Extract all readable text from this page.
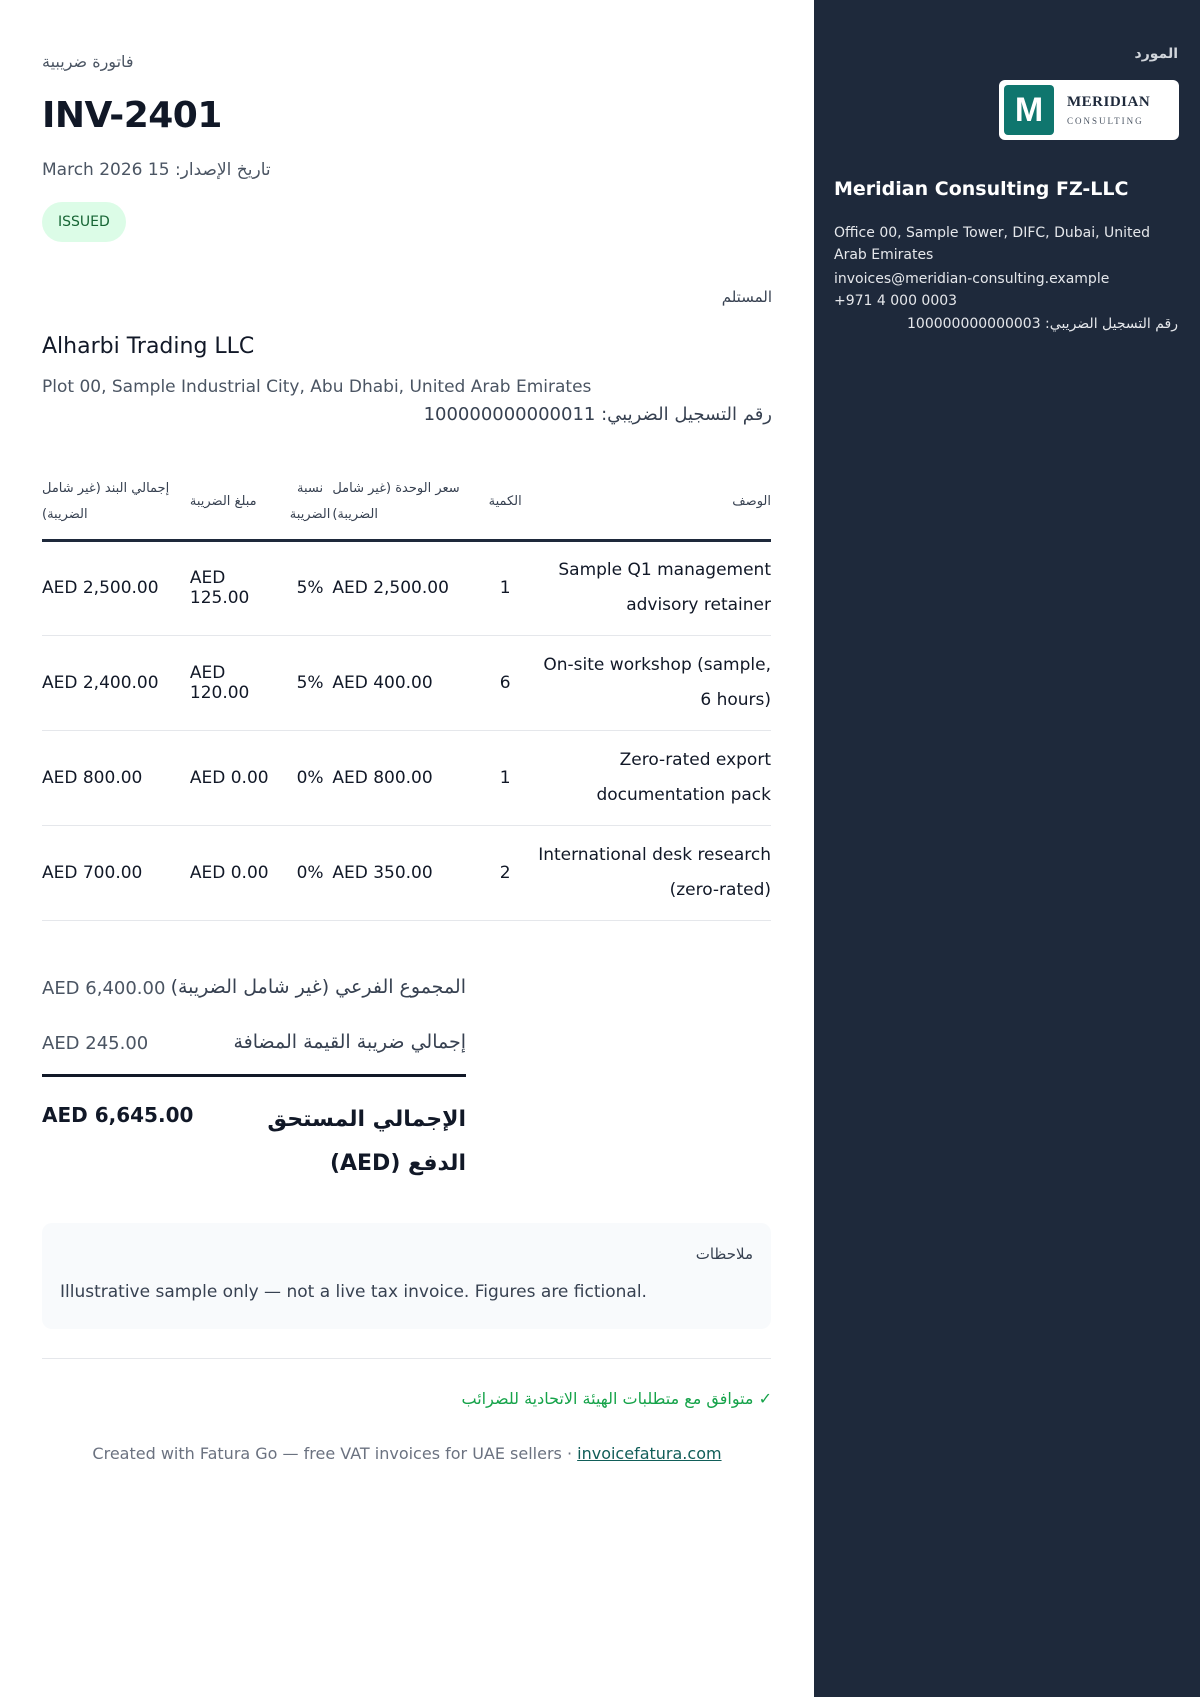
فاتورة ضريبية
INV-2401
تاريخ الإصدار: 15 March 2026
ISSUED
المستلم
Alharbi Trading LLC
Plot 00, Sample Industrial City, Abu Dhabi, United Arab Emirates
رقم التسجيل الضريبي: 100000000000011
إجمالي البند (غير شامل الضريبة)	مبلغ الضريبة	نسبة الضريبة	سعر الوحدة (غير شامل الضريبة)	الكمية	الوصف
AED 2,500.00	AED 125.00	5%	AED 2,500.00	1	Sample Q1 management advisory retainer
AED 2,400.00	AED 120.00	5%	AED 400.00	6	On-site workshop (sample, 6 hours)
AED 800.00	AED 0.00	0%	AED 800.00	1	Zero-rated export documentation pack
AED 700.00	AED 0.00	0%	AED 350.00	2	International desk research (zero-rated)
AED 6,400.00 المجموع الفرعي (غير شامل الضريبة)
AED 245.00	إجمالي ضريبة القيمة المضافة
AED 6,645.00	الإجمالي المستحق الدفع (AED)
ملاحظات
Illustrative sample only — not a live tax invoice. Figures are fictional.
✓ متوافق مع متطلبات الهيئة الاتحادية للضرائب
Created with Fatura Go — free VAT invoices for UAE sellers · invoicefatura.com
المورد
M	MERIDIAN
CONSULTING
Meridian Consulting FZ-LLC
Office 00, Sample Tower, DIFC, Dubai, United Arab Emirates
invoices@meridian-consulting.example
+971 4 000 0003
رقم التسجيل الضريبي: 100000000000003
